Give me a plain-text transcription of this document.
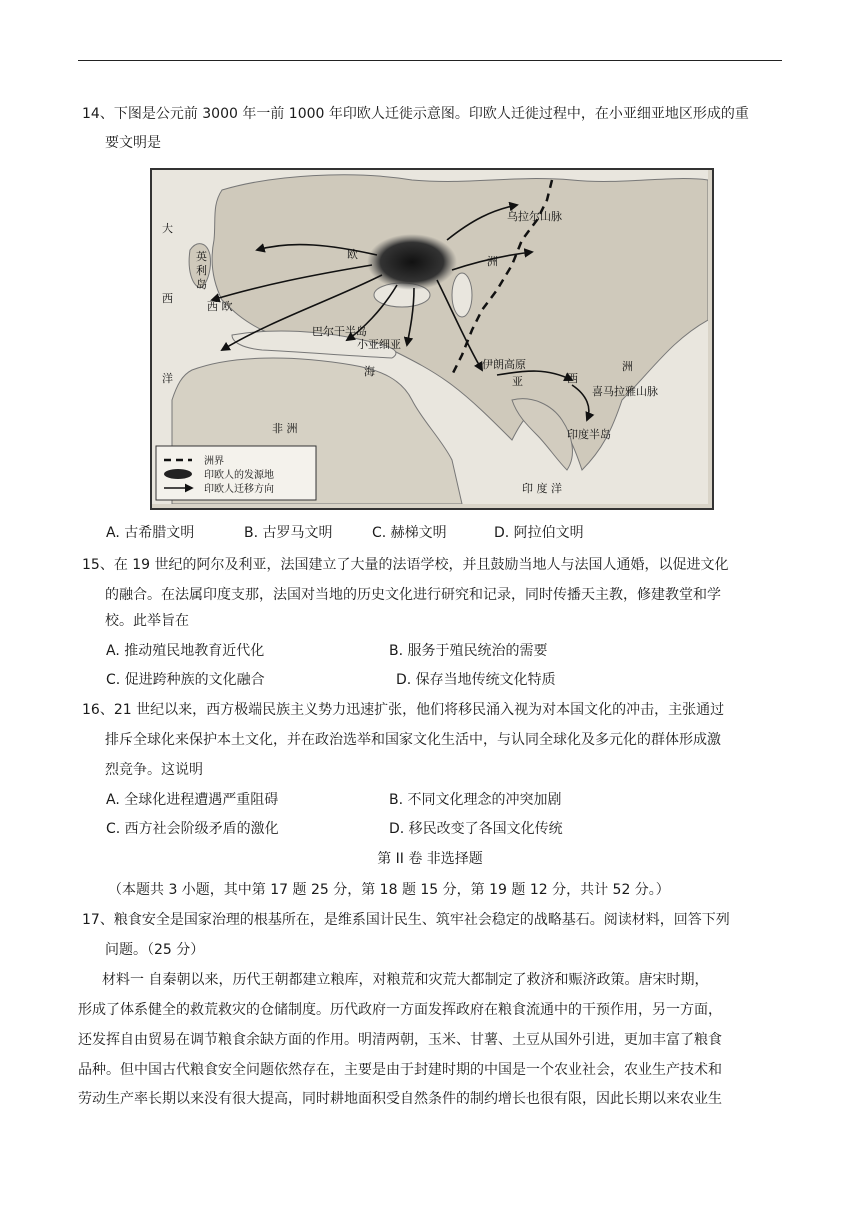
14、下图是公元前 3000 年一前 1000 年印欧人迁徙示意图。印欧人迁徙过程中，在小亚细亚地区形成的重
要文明是
大
英
利
岛
西
西 欧
洋
欧
巴尔干半岛
小亚细亚
海
非 洲
伊朗高原
亚
洲
西
喜马拉雅山脉
印度半岛
印 度 洋
乌拉尔山脉
洲
洲界
印欧人的发源地
印欧人迁移方向
A. 古希腊文明	B. 古罗马文明	C. 赫梯文明	D. 阿拉伯文明
15、在 19 世纪的阿尔及利亚，法国建立了大量的法语学校，并且鼓励当地人与法国人通婚，以促进文化
的融合。在法属印度支那，法国对当地的历史文化进行研究和记录，同时传播天主教，修建教堂和学
校。此举旨在
A. 推动殖民地教育近代化	B. 服务于殖民统治的需要
C. 促进跨种族的文化融合	D. 保存当地传统文化特质
16、21 世纪以来，西方极端民族主义势力迅速扩张，他们将移民涌入视为对本国文化的冲击，主张通过
排斥全球化来保护本土文化，并在政治选举和国家文化生活中，与认同全球化及多元化的群体形成激
烈竞争。这说明
A. 全球化进程遭遇严重阻碍	B. 不同文化理念的冲突加剧
C. 西方社会阶级矛盾的激化	D. 移民改变了各国文化传统
第 II 卷 非选择题
（本题共 3 小题，其中第 17 题 25 分，第 18 题 15 分，第 19 题 12 分，共计 52 分。）
17、粮食安全是国家治理的根基所在，是维系国计民生、筑牢社会稳定的战略基石。阅读材料，回答下列
问题。（25 分）
材料一 自秦朝以来，历代王朝都建立粮库，对粮荒和灾荒大都制定了救济和赈济政策。唐宋时期，
形成了体系健全的救荒救灾的仓储制度。历代政府一方面发挥政府在粮食流通中的干预作用，另一方面，
还发挥自由贸易在调节粮食余缺方面的作用。明清两朝，玉米、甘薯、土豆从国外引进，更加丰富了粮食
品种。但中国古代粮食安全问题依然存在，主要是由于封建时期的中国是一个农业社会，农业生产技术和
劳动生产率长期以来没有很大提高，同时耕地面积受自然条件的制约增长也很有限，因此长期以来农业生
